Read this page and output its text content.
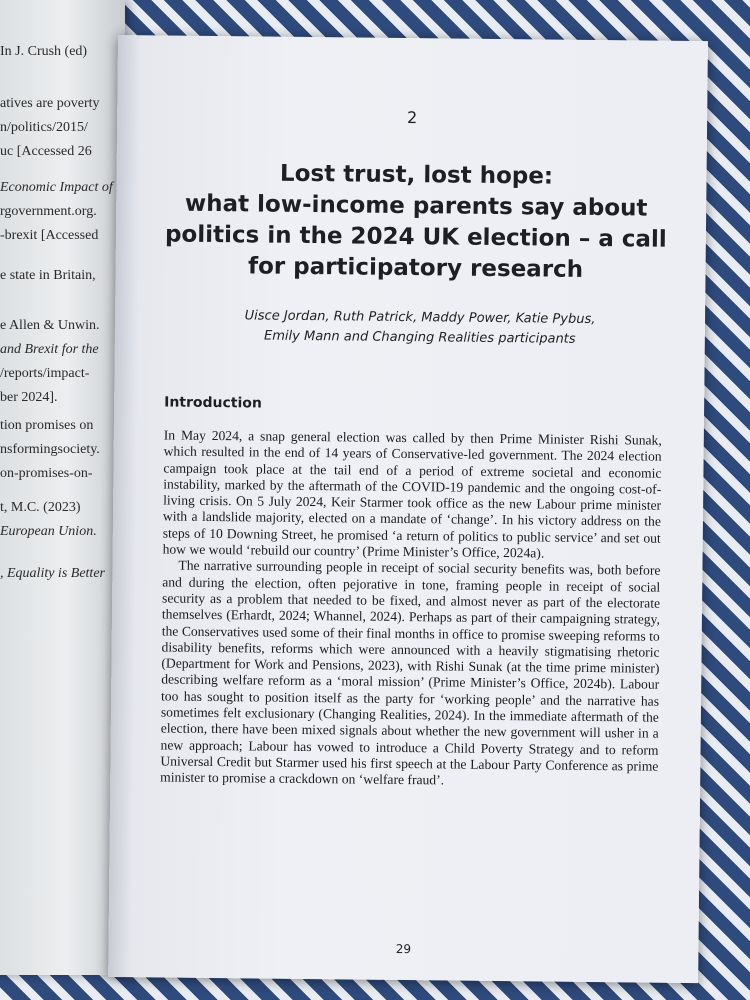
In J. Crush (ed)
atives are poverty
n/politics/2015/
uc [Accessed 26
Economic Impact of
rgovernment.org.
-brexit [Accessed
e state in Britain,
e Allen & Unwin.
and Brexit for the
/reports/impact-
ber 2024].
tion promises on
nsformingsociety.
on-promises-on-
t, M.C. (2023)
European Union.
, Equality is Better
2
Lost trust, lost hope:
what low-income parents say about
politics in the 2024 UK election – a call
for participatory research
Uisce Jordan, Ruth Patrick, Maddy Power, Katie Pybus,
Emily Mann and Changing Realities participants
Introduction

In May 2024, a snap general election was called by then Prime Minister Rishi Sunak, which resulted in the end of 14 years of Conservative-led government. The 2024 election campaign took place at the tail end of a period of extreme societal and economic instability, marked by the aftermath of the COVID-19 pandemic and the ongoing cost-of-living crisis. On 5 July 2024, Keir Starmer took office as the new Labour prime minister with a landslide majority, elected on a mandate of ‘change’. In his victory address on the steps of 10 Downing Street, he promised ‘a return of politics to public service’ and set out how we would ‘rebuild our country’ (Prime Minister’s Office, 2024a).

The narrative surrounding people in receipt of social security benefits was, both before and during the election, often pejorative in tone, framing people in receipt of social security as a problem that needed to be fixed, and almost never as part of the electorate themselves (Erhardt, 2024; Whannel, 2024). Perhaps as part of their campaigning strategy, the Conservatives used some of their final months in office to promise sweeping reforms to disability benefits, reforms which were announced with a heavily stigmatising rhetoric (Department for Work and Pensions, 2023), with Rishi Sunak (at the time prime minister) describing welfare reform as a ‘moral mission’ (Prime Minister’s Office, 2024b). Labour too has sought to position itself as the party for ‘working people’ and the narrative has sometimes felt exclusionary (Changing Realities, 2024). In the immediate aftermath of the election, there have been mixed signals about whether the new government will usher in a new approach; Labour has vowed to introduce a Child Poverty Strategy and to reform Universal Credit but Starmer used his first speech at the Labour Party Conference as prime minister to promise a crackdown on ‘welfare fraud’.

29
